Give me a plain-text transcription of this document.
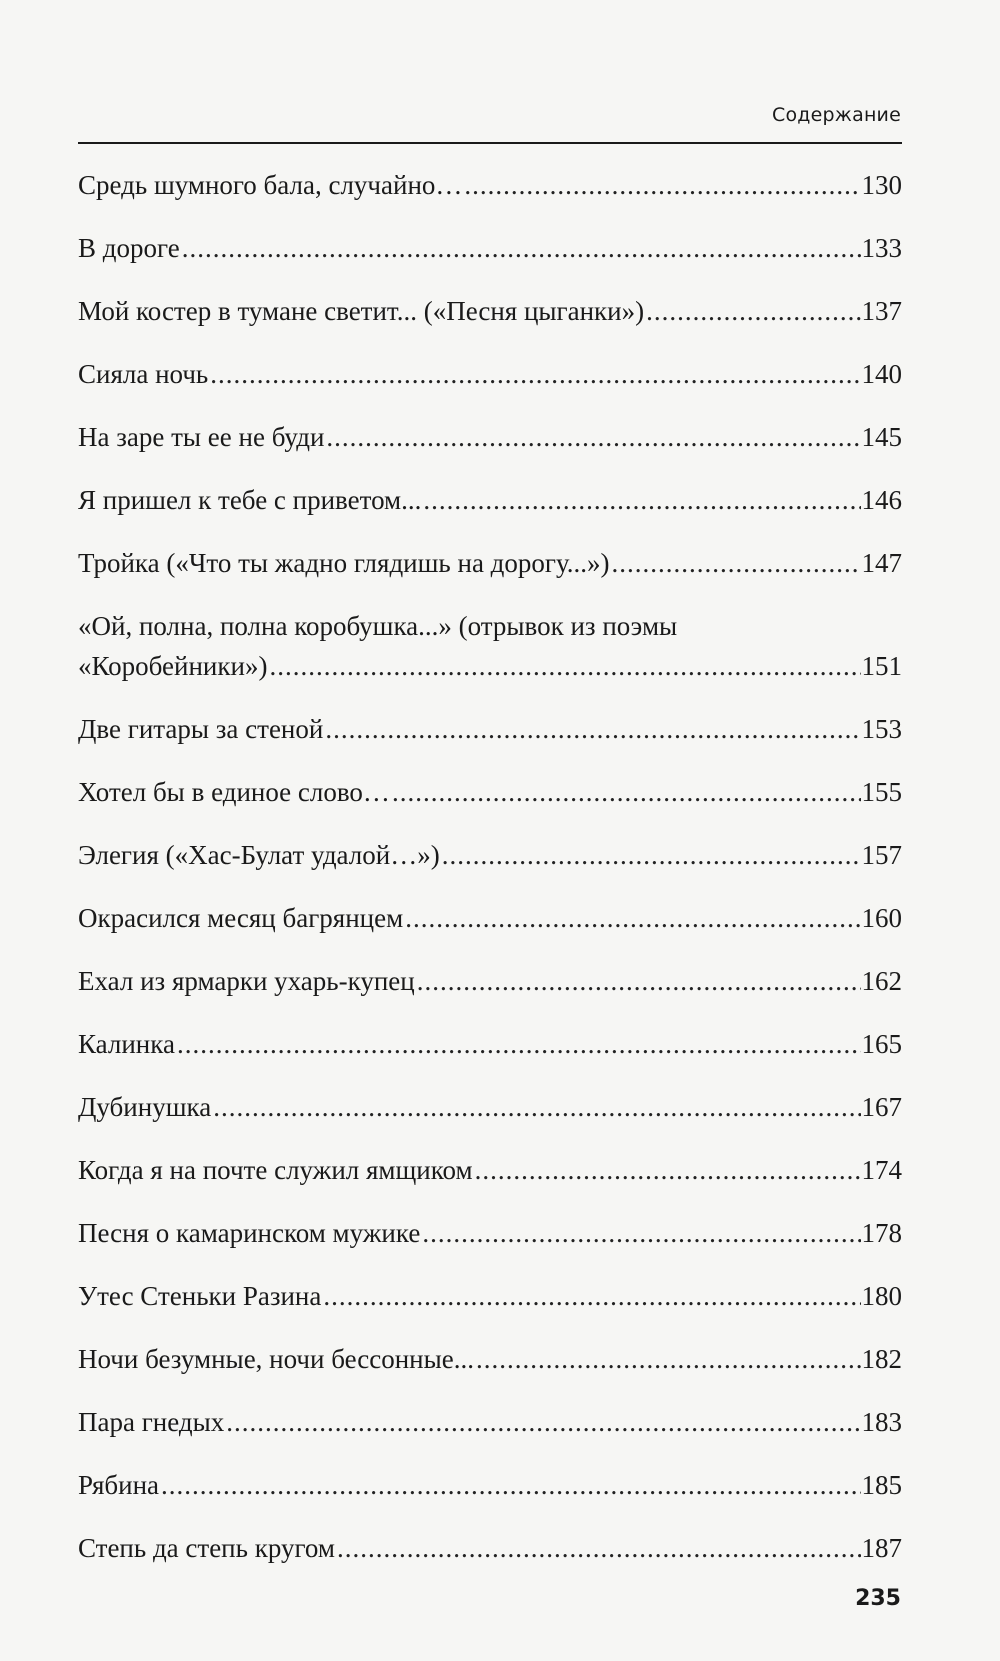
Содержание
Средь шумного бала, случайно… .....	130
В дороге .....	133
Мой костер в тумане светит... («Песня цыганки») .....	137
Сияла ночь .....	140
На заре ты ее не буди .....	145
Я пришел к тебе с приветом... .....	146
Тройка («Что ты жадно глядишь на дорогу...») .....	147
«Ой, полна, полна коробушка...» (отрывок из поэмы
«Коробейники») .....	151
Две гитары за стеной .....	153
Хотел бы в единое слово… .....	155
Элегия («Хас-Булат удалой…») .....	157
Окрасился месяц багрянцем .....	160
Ехал из ярмарки ухарь-купец .....	162
Калинка .....	165
Дубинушка .....	167
Когда я на почте служил ямщиком .....	174
Песня о камаринском мужике .....	178
Утес Стеньки Разина .....	180
Ночи безумные, ночи бессонные... .....	182
Пара гнедых .....	183
Рябина .....	185
Степь да степь кругом .....	187
235
